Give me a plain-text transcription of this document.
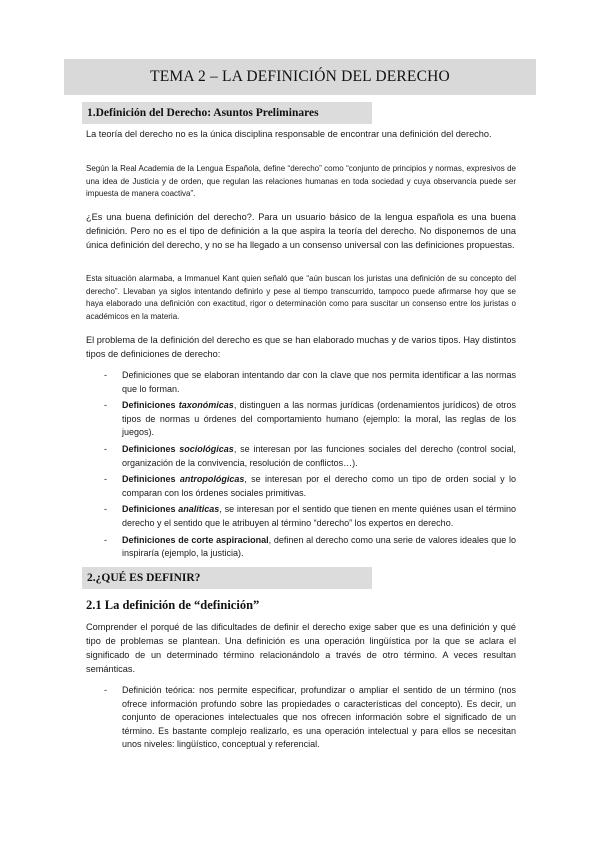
TEMA 2 – LA DEFINICIÓN DEL DERECHO
1.Definición del Derecho: Asuntos Preliminares

La teoría del derecho no es la única disciplina responsable de encontrar una definición del derecho.

Según la Real Academia de la Lengua Española, define “derecho” como “conjunto de principios y normas, expresivos de una idea de Justicia y de orden, que regulan las relaciones humanas en toda sociedad y cuya observancia puede ser impuesta de manera coactiva”.

¿Es una buena definición del derecho?. Para un usuario básico de la lengua española es una buena definición. Pero no es el tipo de definición a la que aspira la teoría del derecho. No disponemos de una única definición del derecho, y no se ha llegado a un consenso universal con las definiciones propuestas.

Esta situación alarmaba, a Immanuel Kant quien señaló que “aún buscan los juristas una definición de su concepto del derecho”. Llevaban ya siglos intentando definirlo y pese al tiempo transcurrido, tampoco puede afirmarse hoy que se haya elaborado una definición con exactitud, rigor o determinación como para suscitar un consenso entre los juristas o académicos en la materia.

El problema de la definición del derecho es que se han elaborado muchas y de varios tipos. Hay distintos tipos de definiciones de derecho:

- Definiciones que se elaboran intentando dar con la clave que nos permita identificar a las normas que lo forman.
- Definiciones taxonómicas, distinguen a las normas jurídicas (ordenamientos jurídicos) de otros tipos de normas u órdenes del comportamiento humano (ejemplo: la moral, las reglas de los juegos).
- Definiciones sociológicas, se interesan por las funciones sociales del derecho (control social, organización de la convivencia, resolución de conflictos…).
- Definiciones antropológicas, se interesan por el derecho como un tipo de orden social y lo comparan con los órdenes sociales primitivas.
- Definiciones analíticas, se interesan por el sentido que tienen en mente quiénes usan el término derecho y el sentido que le atribuyen al término “derecho” los expertos en derecho.
- Definiciones de corte aspiracional, definen al derecho como una serie de valores ideales que lo inspiraría (ejemplo, la justicia).
2.¿QUÉ ES DEFINIR?
2.1 La definición de “definición”

Comprender el porqué de las dificultades de definir el derecho exige saber que es una definición y qué tipo de problemas se plantean. Una definición es una operación lingüística por la que se aclara el significado de un determinado término relacionándolo a través de otro término. A veces resultan semánticas.

- Definición teórica: nos permite especificar, profundizar o ampliar el sentido de un término (nos ofrece información profundo sobre las propiedades o características del concepto). Es decir, un conjunto de operaciones intelectuales que nos ofrecen información sobre el significado de un término. Es bastante complejo realizarlo, es una operación intelectual y para ellos se necesitan unos niveles: lingüístico, conceptual y referencial.
